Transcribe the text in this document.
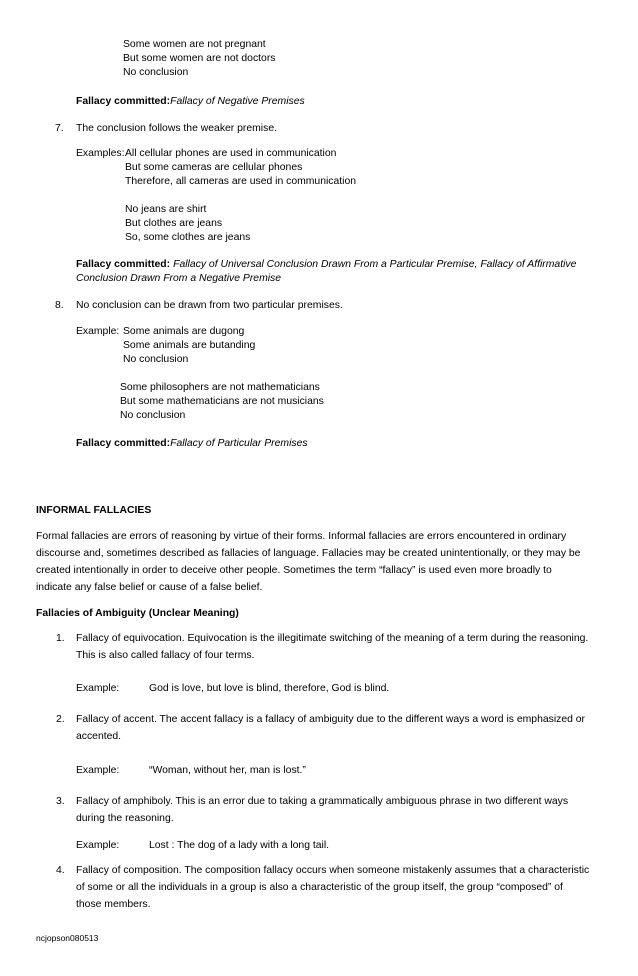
Some women are not pregnant
But some women are not doctors
No conclusion
Fallacy committed:Fallacy of Negative Premises
7. The conclusion follows the weaker premise.
Examples: All cellular phones are used in communication
But some cameras are cellular phones
Therefore, all cameras are used in communication
No jeans are shirt
But clothes are jeans
So, some clothes are jeans
Fallacy committed: Fallacy of Universal Conclusion Drawn From a Particular Premise, Fallacy of Affirmative
Conclusion Drawn From a Negative Premise
8. No conclusion can be drawn from two particular premises.
Example: Some animals are dugong
Some animals are butanding
No conclusion
Some philosophers are not mathematicians
But some mathematicians are not musicians
No conclusion
Fallacy committed:Fallacy of Particular Premises
INFORMAL FALLACIES
Formal fallacies are errors of reasoning by virtue of their forms. Informal fallacies are errors encountered in ordinary
discourse and, sometimes described as fallacies of language. Fallacies may be created unintentionally, or they may be
created intentionally in order to deceive other people. Sometimes the term “fallacy” is used even more broadly to
indicate any false belief or cause of a false belief.
Fallacies of Ambiguity (Unclear Meaning)
1. Fallacy of equivocation. Equivocation is the illegitimate switching of the meaning of a term during the reasoning.
This is also called fallacy of four terms.
Example:	God is love, but love is blind, therefore, God is blind.
2. Fallacy of accent. The accent fallacy is a fallacy of ambiguity due to the different ways a word is emphasized or
accented.
Example:	“Woman, without her, man is lost.”
3. Fallacy of amphiboly. This is an error due to taking a grammatically ambiguous phrase in two different ways
during the reasoning.
Example:	Lost : The dog of a lady with a long tail.
4. Fallacy of composition. The composition fallacy occurs when someone mistakenly assumes that a characteristic
of some or all the individuals in a group is also a characteristic of the group itself, the group “composed” of
those members.
ncjopson080513
